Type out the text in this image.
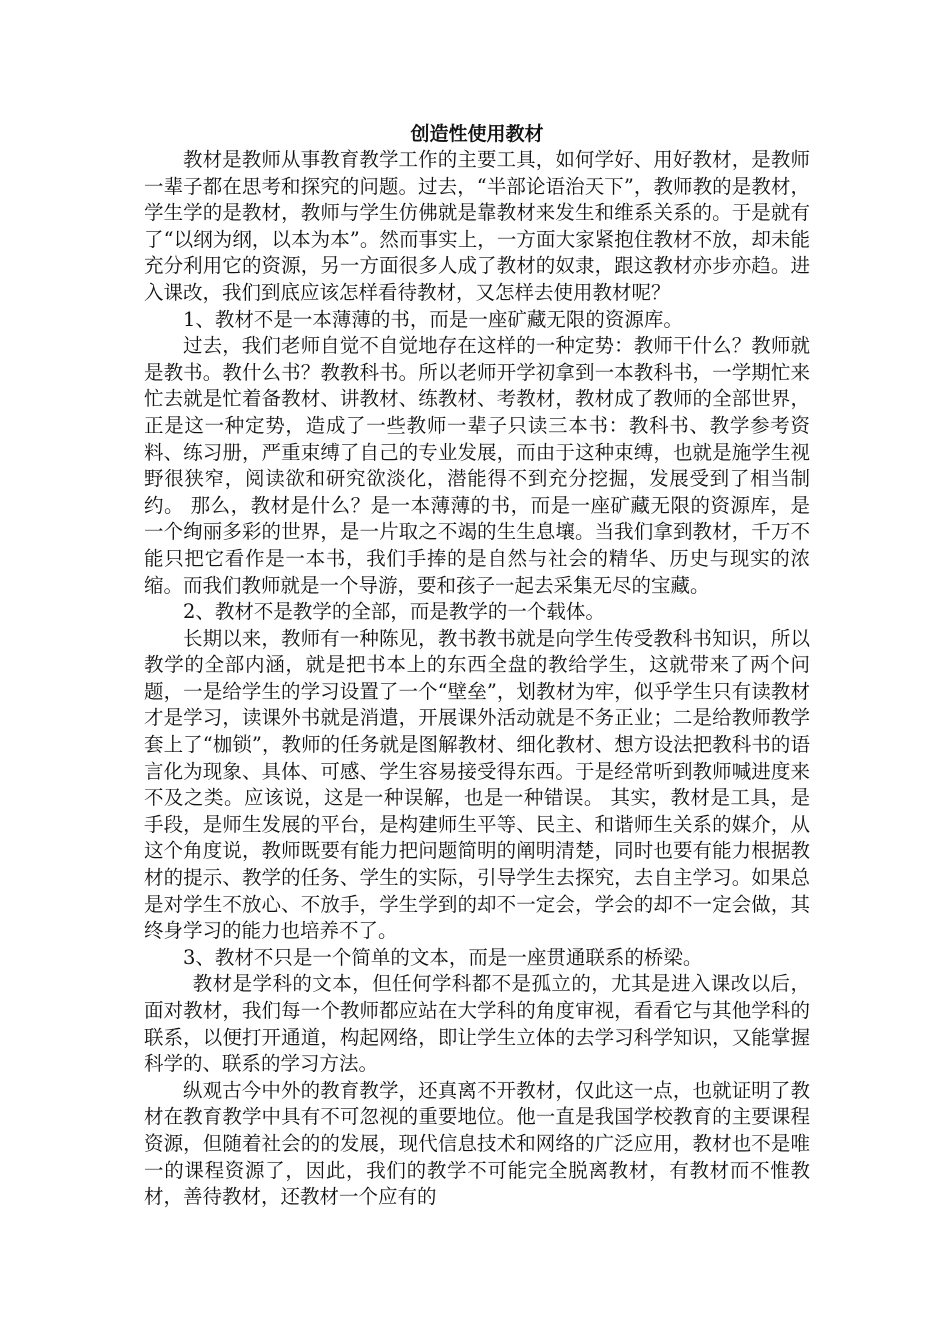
创造性使用教材

教材是教师从事教育教学工作的主要工具，如何学好、用好教材，是教师一辈子都在思考和探究的问题。过去，“半部论语治天下”，教师教的是教材，学生学的是教材，教师与学生仿佛就是靠教材来发生和维系关系的。于是就有了“以纲为纲，以本为本”。然而事实上，一方面大家紧抱住教材不放，却未能充分利用它的资源，另一方面很多人成了教材的奴隶，跟这教材亦步亦趋。进入课改，我们到底应该怎样看待教材，又怎样去使用教材呢？

1、教材不是一本薄薄的书，而是一座矿藏无限的资源库。

过去，我们老师自觉不自觉地存在这样的一种定势：教师干什么？教师就是教书。教什么书？教教科书。所以老师开学初拿到一本教科书，一学期忙来忙去就是忙着备教材、讲教材、练教材、考教材，教材成了教师的全部世界，正是这一种定势，造成了一些教师一辈子只读三本书：教科书、教学参考资料、练习册，严重束缚了自己的专业发展，而由于这种束缚，也就是施学生视野很狭窄，阅读欲和研究欲淡化，潜能得不到充分挖掘，发展受到了相当制约。 那么，教材是什么？是一本薄薄的书，而是一座矿藏无限的资源库，是一个绚丽多彩的世界，是一片取之不竭的生生息壤。当我们拿到教材，千万不能只把它看作是一本书，我们手捧的是自然与社会的精华、历史与现实的浓缩。而我们教师就是一个导游，要和孩子一起去采集无尽的宝藏。

2、教材不是教学的全部，而是教学的一个载体。

长期以来，教师有一种陈见，教书教书就是向学生传受教科书知识，所以教学的全部内涵，就是把书本上的东西全盘的教给学生，这就带来了两个问题，一是给学生的学习设置了一个“壁垒”，划教材为牢，似乎学生只有读教材才是学习，读课外书就是消遣，开展课外活动就是不务正业；二是给教师教学套上了“枷锁”，教师的任务就是图解教材、细化教材、想方设法把教科书的语言化为现象、具体、可感、学生容易接受得东西。于是经常听到教师喊进度来不及之类。应该说，这是一种误解，也是一种错误。 其实，教材是工具，是手段，是师生发展的平台，是构建师生平等、民主、和谐师生关系的媒介，从这个角度说，教师既要有能力把问题简明的阐明清楚，同时也要有能力根据教材的提示、教学的任务、学生的实际，引导学生去探究，去自主学习。如果总是对学生不放心、不放手，学生学到的却不一定会，学会的却不一定会做，其终身学习的能力也培养不了。

3、教材不只是一个简单的文本，而是一座贯通联系的桥梁。

教材是学科的文本，但任何学科都不是孤立的，尤其是进入课改以后，面对教材，我们每一个教师都应站在大学科的角度审视，看看它与其他学科的联系，以便打开通道，构起网络，即让学生立体的去学习科学知识，又能掌握科学的、联系的学习方法。

纵观古今中外的教育教学，还真离不开教材，仅此这一点，也就证明了教材在教育教学中具有不可忽视的重要地位。他一直是我国学校教育的主要课程资源，但随着社会的的发展，现代信息技术和网络的广泛应用，教材也不是唯一的课程资源了，因此，我们的教学不可能完全脱离教材，有教材而不惟教材，善待教材，还教材一个应有的
